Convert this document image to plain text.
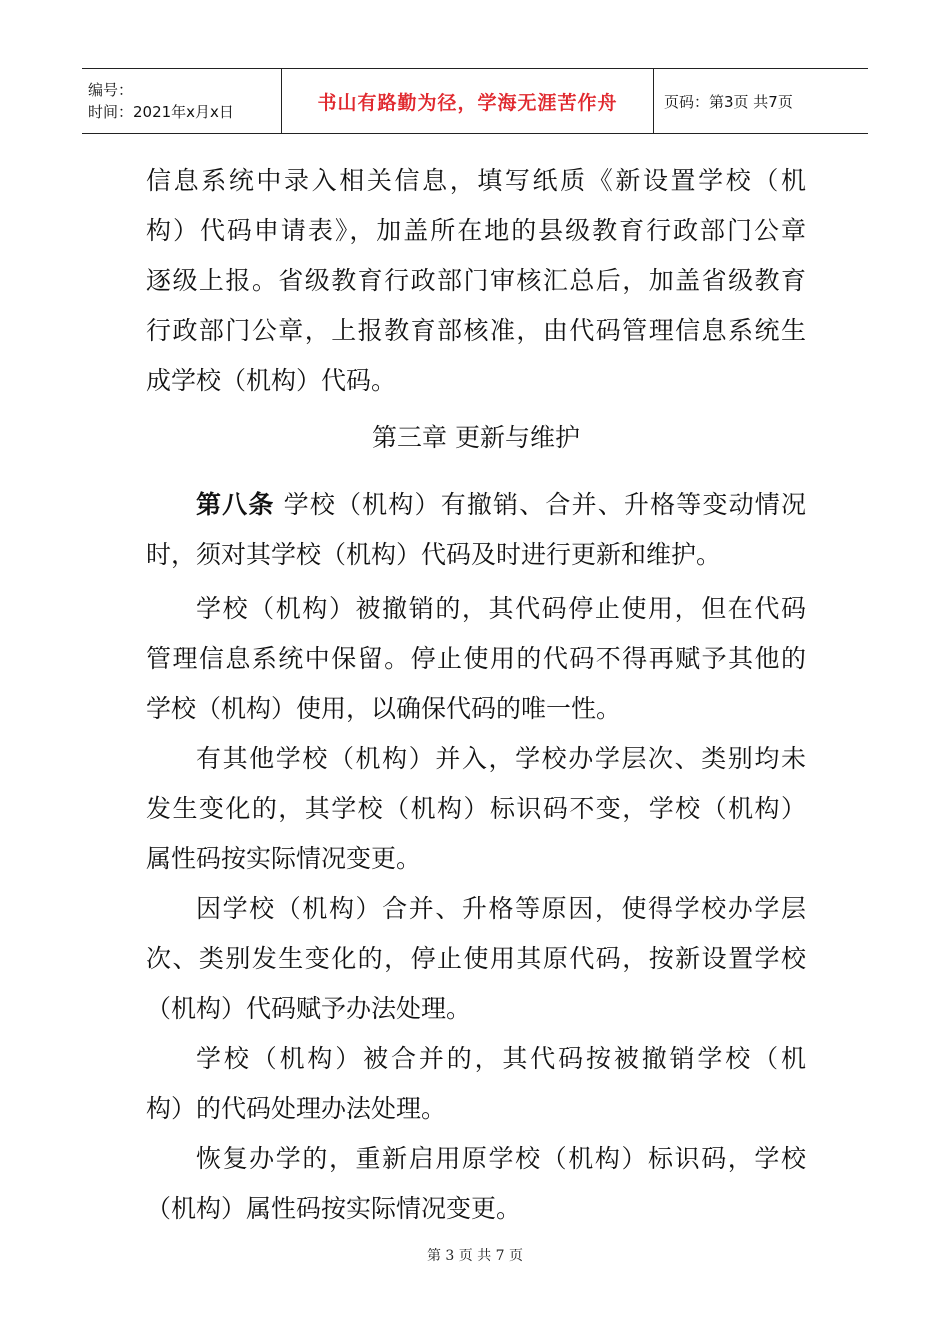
编号：
时间：2021年x月x日	书山有路勤为径，学海无涯苦作舟	页码：第3页 共7页
信息系统中录入相关信息，填写纸质《新设置学校（机
构）代码申请表》，加盖所在地的县级教育行政部门公章
逐级上报。省级教育行政部门审核汇总后，加盖省级教育
行政部门公章，上报教育部核准，由代码管理信息系统生
成学校（机构）代码。
第三章 更新与维护
第八条 学校（机构）有撤销、合并、升格等变动情况
时，须对其学校（机构）代码及时进行更新和维护。
学校（机构）被撤销的，其代码停止使用，但在代码
管理信息系统中保留。停止使用的代码不得再赋予其他的
学校（机构）使用，以确保代码的唯一性。
有其他学校（机构）并入，学校办学层次、类别均未
发生变化的，其学校（机构）标识码不变，学校（机构）
属性码按实际情况变更。
因学校（机构）合并、升格等原因，使得学校办学层
次、类别发生变化的，停止使用其原代码，按新设置学校
（机构）代码赋予办法处理。
学校（机构）被合并的，其代码按被撤销学校（机
构）的代码处理办法处理。
恢复办学的，重新启用原学校（机构）标识码，学校
（机构）属性码按实际情况变更。
第 3 页 共 7 页
